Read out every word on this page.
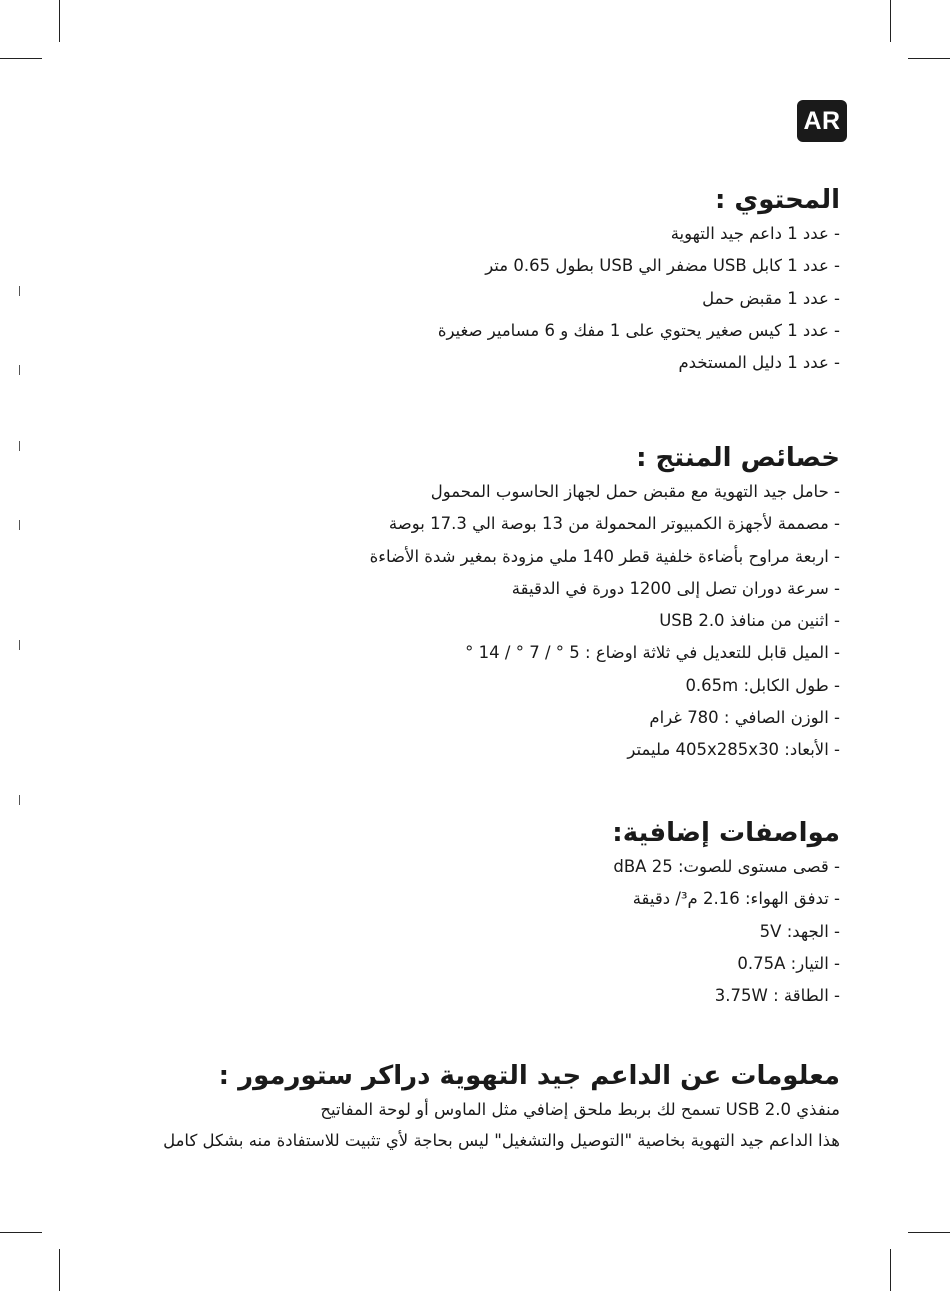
AR
المحتوي :
- عدد 1 داعم جيد التهوية
- عدد 1 كابل USB مضفر الي USB بطول 0.65 متر
- عدد 1 مقبض حمل
- عدد 1 كيس صغير يحتوي على 1 مفك و 6 مسامير صغيرة
- عدد 1 دليل المستخدم
خصائص المنتج :
- حامل جيد التهوية مع مقبض حمل لجهاز الحاسوب المحمول
- مصممة لأجهزة الكمبيوتر المحمولة من 13 بوصة الي 17.3 بوصة
- اربعة مراوح بأضاءة خلفية قطر 140 ملي مزودة بمغير شدة الأضاءة
- سرعة دوران تصل إلى 1200 دورة في الدقيقة
- اثنين من منافذ USB 2.0
- الميل قابل للتعديل في ثلاثة اوضاع : 5 ° / 7 ° / 14 °
- طول الكابل: 0.65m
- الوزن الصافي : 780 غرام
- الأبعاد: 405x285x30 مليمتر
مواصفات إضافية:
- قصى مستوى للصوت: 25 dBA
- تدفق الهواء: 2.16 م³/ دقيقة
- الجهد: 5V
- التيار: 0.75A
- الطاقة : 3.75W
معلومات عن الداعم جيد التهوية دراكر ستورمور :

منفذي USB 2.0 تسمح لك بربط ملحق إضافي مثل الماوس أو لوحة المفاتيح

هذا الداعم جيد التهوية بخاصية "التوصيل والتشغيل" ليس بحاجة لأي تثبيت للاستفادة منه بشكل كامل
